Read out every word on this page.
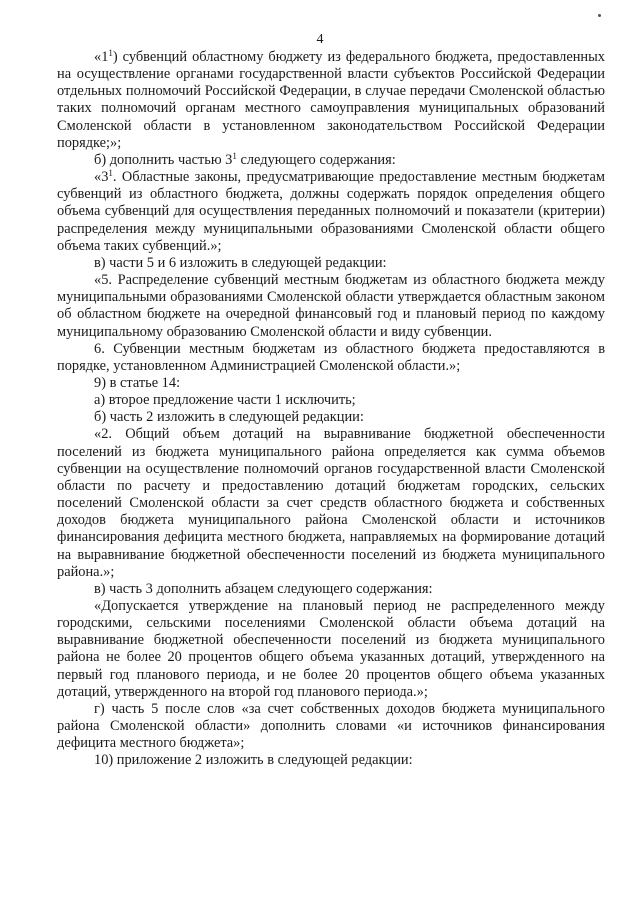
4

«$1^1$) субвенций областному бюджету из федерального бюджета, предоставленных на осуществление органами государственной власти субъектов Российской Федерации отдельных полномочий Российской Федерации, в случае передачи Смоленской областью таких полномочий органам местного самоуправления муниципальных образований Смоленской области в установленном законодательством Российской Федерации порядке;»;

б) дополнить частью $3^1$ следующего содержания:

«$3^1$. Областные законы, предусматривающие предоставление местным бюджетам субвенций из областного бюджета, должны содержать порядок определения общего объема субвенций для осуществления переданных полномочий и показатели (критерии) распределения между муниципальными образованиями Смоленской области общего объема таких субвенций.»;

в) части 5 и 6 изложить в следующей редакции:

«5. Распределение субвенций местным бюджетам из областного бюджета между муниципальными образованиями Смоленской области утверждается областным законом об областном бюджете на очередной финансовый год и плановый период по каждому муниципальному образованию Смоленской области и виду субвенции.

6. Субвенции местным бюджетам из областного бюджета предоставляются в порядке, установленном Администрацией Смоленской области.»;

9) в статье 14:

а) второе предложение части 1 исключить;

б) часть 2 изложить в следующей редакции:

«2. Общий объем дотаций на выравнивание бюджетной обеспеченности поселений из бюджета муниципального района определяется как сумма объемов субвенции на осуществление полномочий органов государственной власти Смоленской области по расчету и предоставлению дотаций бюджетам городских, сельских поселений Смоленской области за счет средств областного бюджета и собственных доходов бюджета муниципального района Смоленской области и источников финансирования дефицита местного бюджета, направляемых на формирование дотаций на выравнивание бюджетной обеспеченности поселений из бюджета муниципального района.»;

в) часть 3 дополнить абзацем следующего содержания:

«Допускается утверждение на плановый период не распределенного между городскими, сельскими поселениями Смоленской области объема дотаций на выравнивание бюджетной обеспеченности поселений из бюджета муниципального района не более 20 процентов общего объема указанных дотаций, утвержденного на первый год планового периода, и не более 20 процентов общего объема указанных дотаций, утвержденного на второй год планового периода.»;

г) часть 5 после слов «за счет собственных доходов бюджета муниципального района Смоленской области» дополнить словами «и источников финансирования дефицита местного бюджета»;

10) приложение 2 изложить в следующей редакции:
